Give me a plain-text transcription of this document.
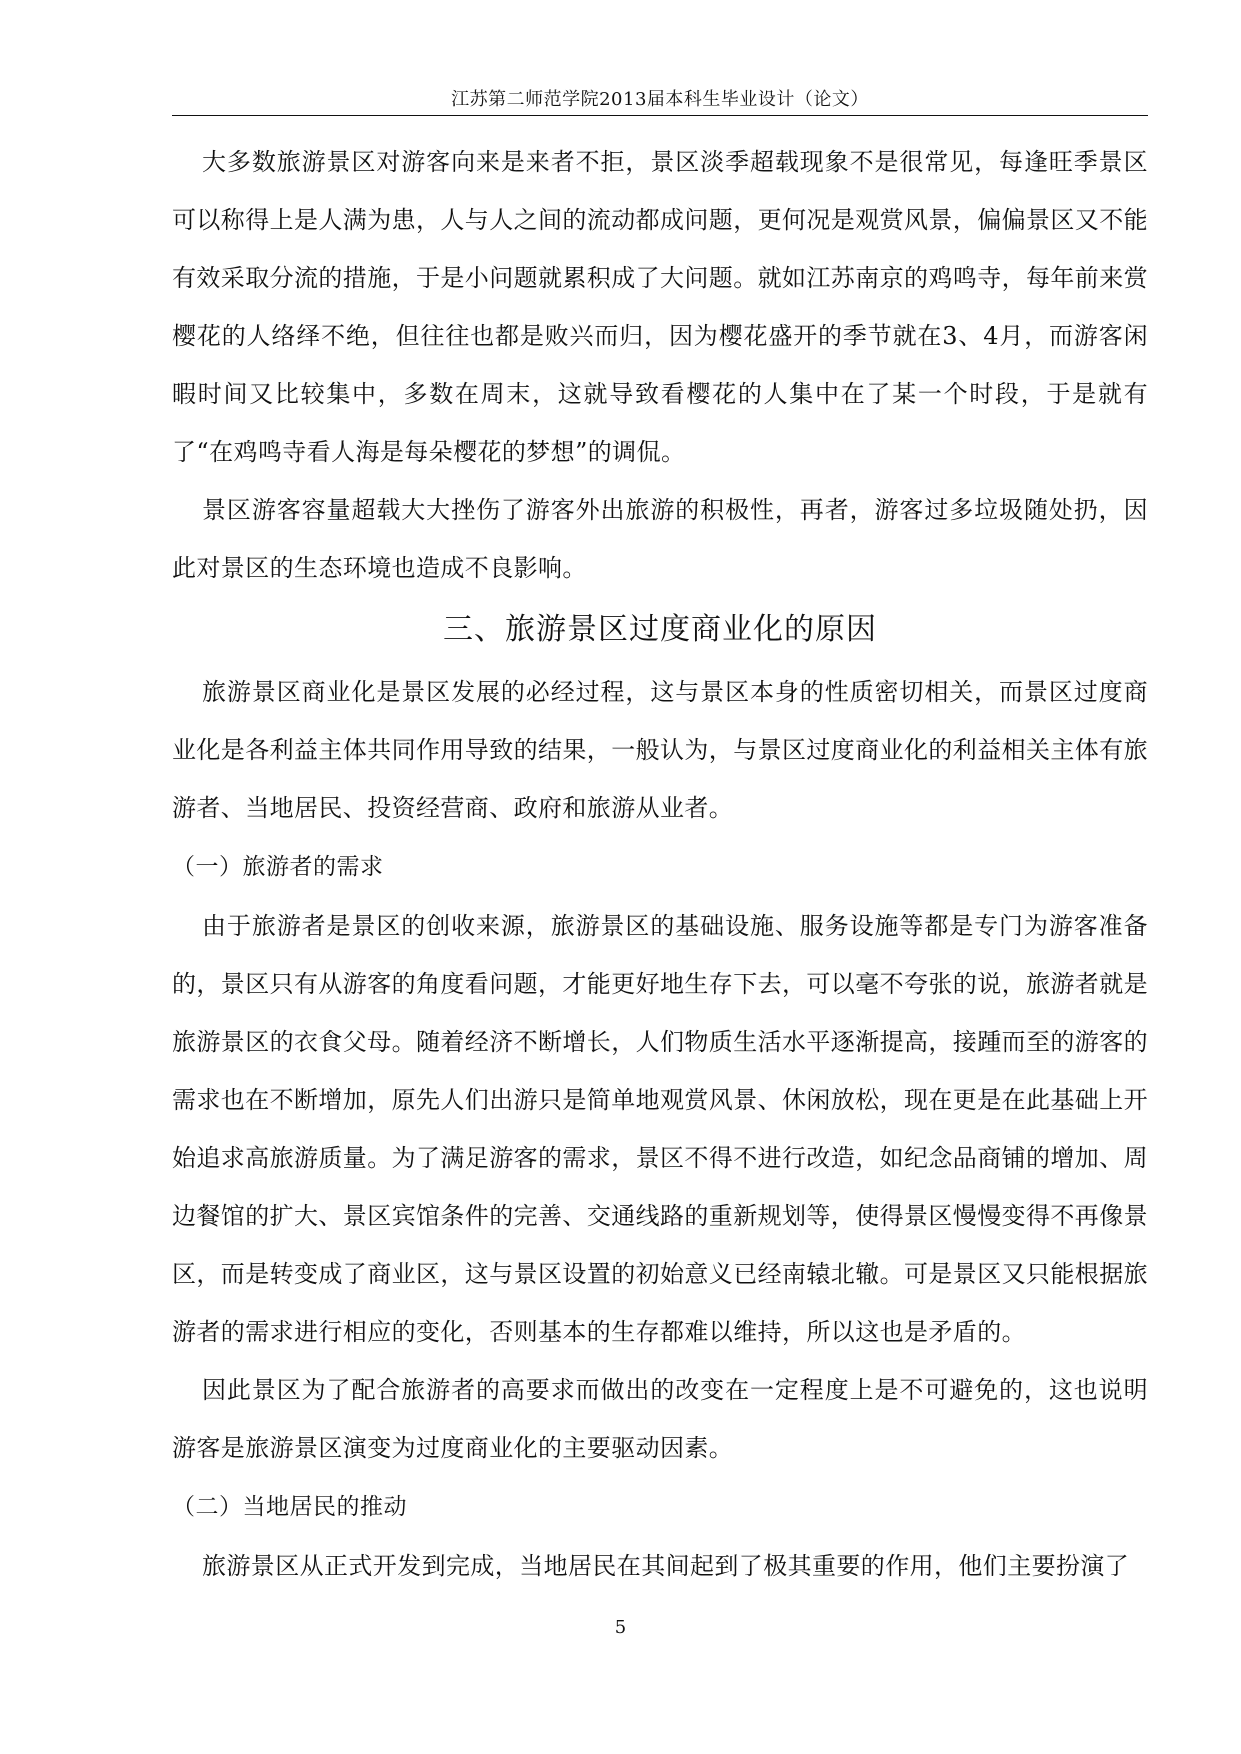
江苏第二师范学院2013届本科生毕业设计（论文）

大多数旅游景区对游客向来是来者不拒，景区淡季超载现象不是很常见，每逢旺季景区可以称得上是人满为患，人与人之间的流动都成问题，更何况是观赏风景，偏偏景区又不能有效采取分流的措施，于是小问题就累积成了大问题。就如江苏南京的鸡鸣寺，每年前来赏樱花的人络绎不绝，但往往也都是败兴而归，因为樱花盛开的季节就在3、4月，而游客闲暇时间又比较集中，多数在周末，这就导致看樱花的人集中在了某一个时段，于是就有了“在鸡鸣寺看人海是每朵樱花的梦想”的调侃。

景区游客容量超载大大挫伤了游客外出旅游的积极性，再者，游客过多垃圾随处扔，因此对景区的生态环境也造成不良影响。

三、旅游景区过度商业化的原因

旅游景区商业化是景区发展的必经过程，这与景区本身的性质密切相关，而景区过度商业化是各利益主体共同作用导致的结果，一般认为，与景区过度商业化的利益相关主体有旅游者、当地居民、投资经营商、政府和旅游从业者。

（一）旅游者的需求

由于旅游者是景区的创收来源，旅游景区的基础设施、服务设施等都是专门为游客准备的，景区只有从游客的角度看问题，才能更好地生存下去，可以毫不夸张的说，旅游者就是旅游景区的衣食父母。随着经济不断增长，人们物质生活水平逐渐提高，接踵而至的游客的需求也在不断增加，原先人们出游只是简单地观赏风景、休闲放松，现在更是在此基础上开始追求高旅游质量。为了满足游客的需求，景区不得不进行改造，如纪念品商铺的增加、周边餐馆的扩大、景区宾馆条件的完善、交通线路的重新规划等，使得景区慢慢变得不再像景区，而是转变成了商业区，这与景区设置的初始意义已经南辕北辙。可是景区又只能根据旅游者的需求进行相应的变化，否则基本的生存都难以维持，所以这也是矛盾的。

因此景区为了配合旅游者的高要求而做出的改变在一定程度上是不可避免的，这也说明游客是旅游景区演变为过度商业化的主要驱动因素。

（二）当地居民的推动

旅游景区从正式开发到完成，当地居民在其间起到了极其重要的作用，他们主要扮演了

5
